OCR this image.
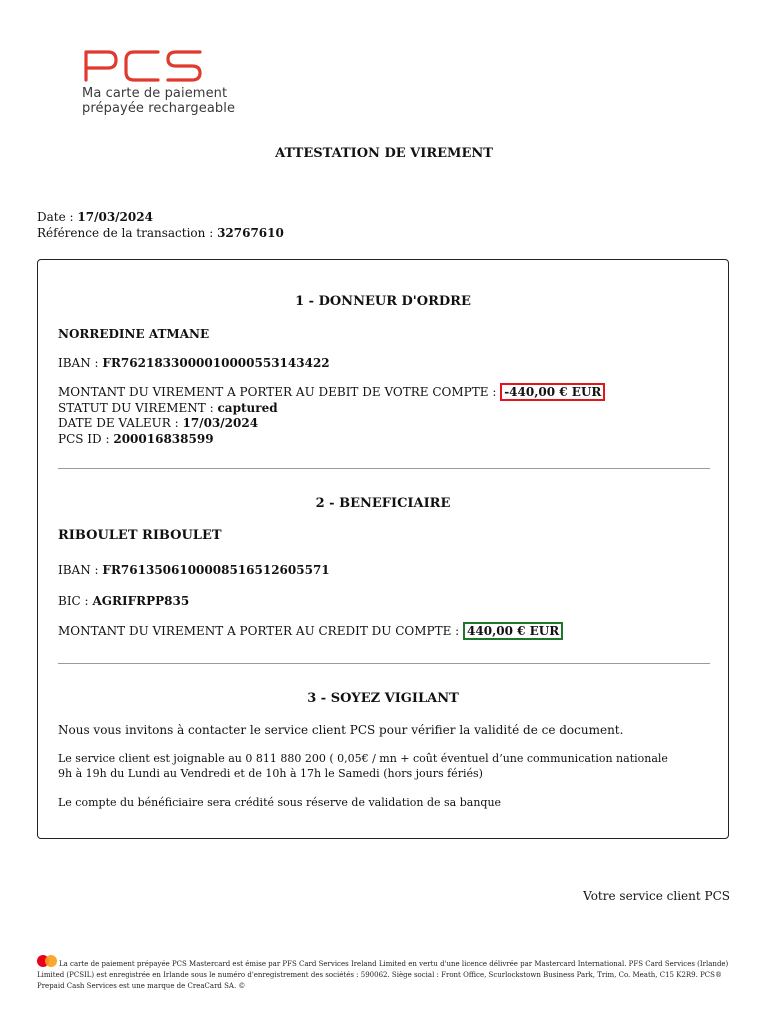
Ma carte de paiement
prépayée rechargeable
ATTESTATION DE VIREMENT
Date : 17/03/2024
Référence de la transaction : 32767610
1 - DONNEUR D'ORDRE
NORREDINE ATMANE
IBAN : FR7621833000010000553143422
MONTANT DU VIREMENT A PORTER AU DEBIT DE VOTRE COMPTE : -440,00 € EUR
STATUT DU VIREMENT : captured
DATE DE VALEUR : 17/03/2024
PCS ID : 200016838599
2 - BENEFICIAIRE
RIBOULET RIBOULET
IBAN : FR7613506100008516512605571
BIC : AGRIFRPP835
MONTANT DU VIREMENT A PORTER AU CREDIT DU COMPTE : 440,00 € EUR
3 - SOYEZ VIGILANT
Nous vous invitons à contacter le service client PCS pour vérifier la validité de ce document.
Le service client est joignable au 0 811 880 200 ( 0,05€ / mn + coût éventuel d’une communication nationale
9h à 19h du Lundi au Vendredi et de 10h à 17h le Samedi (hors jours fériés)
Le compte du bénéficiaire sera crédité sous réserve de validation de sa banque
Votre service client PCS
La carte de paiement prépayée PCS Mastercard est émise par PFS Card Services Ireland Limited en vertu d'une licence délivrée par Mastercard International. PFS Card Services (Irlande) Limited (PCSIL) est enregistrée en Irlande sous le numéro d'enregistrement des sociétés : 590062. Siège social : Front Office, Scurlockstown Business Park, Trim, Co. Meath, C15 K2R9. PCS® Prepaid Cash Services est une marque de CreaCard SA. ©
